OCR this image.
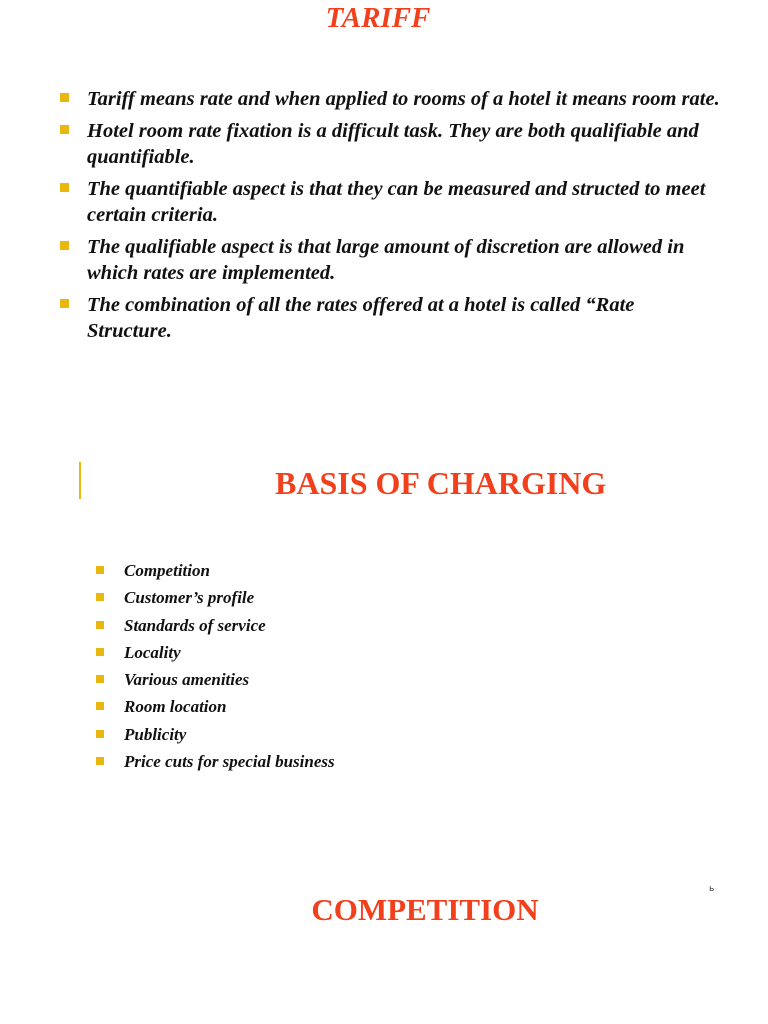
TARIFF
Tariff means rate and when applied to rooms of a hotel it means room rate.
Hotel room rate fixation is a difficult task. They are both qualifiable and quantifiable.
The quantifiable aspect is that they can be measured and structed to meet certain criteria.
The qualifiable aspect is that large amount of discretion are allowed in which rates are implemented.
The combination of all the rates offered at a hotel is called “Rate Structure.
BASIS OF CHARGING
Competition
Customer’s profile
Standards of service
Locality
Various amenities
Room location
Publicity
Price cuts for special business
ь
COMPETITION
